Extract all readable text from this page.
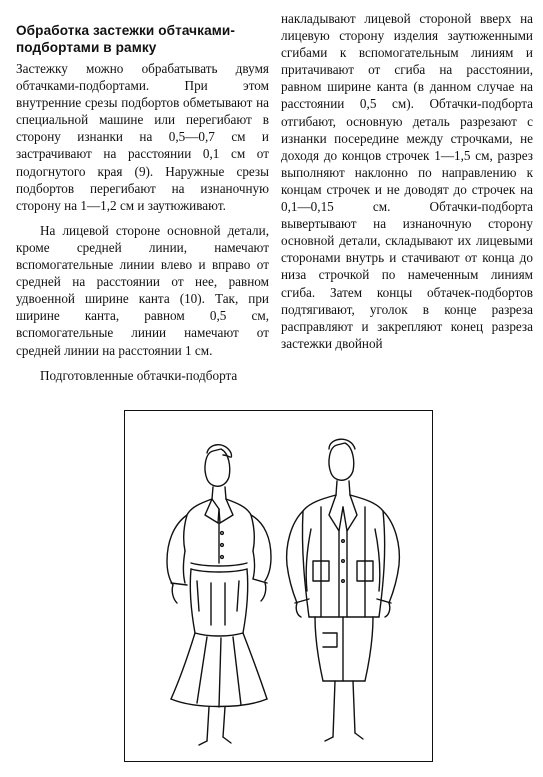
Обработка застежки обтачками-
подбортами в рамку

Застежку можно обрабатывать двумя обтачками-подбортами. При этом внутренние срезы подбортов обметывают на специальной машине или перегибают в сторону изнанки на 0,5—0,7 см и застрачивают на расстоянии 0,1 см от подогнутого края (9). Наружные срезы подбортов перегибают на изнаночную сторону на 1—1,2 см и заутюживают.

На лицевой стороне основной детали, кроме средней линии, намечают вспомогательные линии влево и вправо от средней на расстоянии от нее, равном удвоенной ширине канта (10). Так, при ширине канта, равном 0,5 см, вспомогательные линии намечают от средней линии на расстоянии 1 см.

Подготовленные обтачки-подборта

накладывают лицевой стороной вверх на лицевую сторону изделия заутюженными сгибами к вспомогательным линиям и притачивают от сгиба на расстоянии, равном ширине канта (в данном случае на расстоянии 0,5 см). Обтачки-подборта отгибают, основную деталь разрезают с изнанки посередине между строчками, не доходя до концов строчек 1—1,5 см, разрез выполняют наклонно по направлению к концам строчек и не доводят до строчек на 0,1—0,15 см. Обтачки-подборта вывертывают на изнаночную сторону основной детали, складывают их лицевыми сторонами внутрь и стачивают от конца до низа строчкой по намеченным линиям сгиба. Затем концы обтачек-подбортов подтягивают, уголок в конце разреза расправляют и закрепляют конец разреза застежки двойной
